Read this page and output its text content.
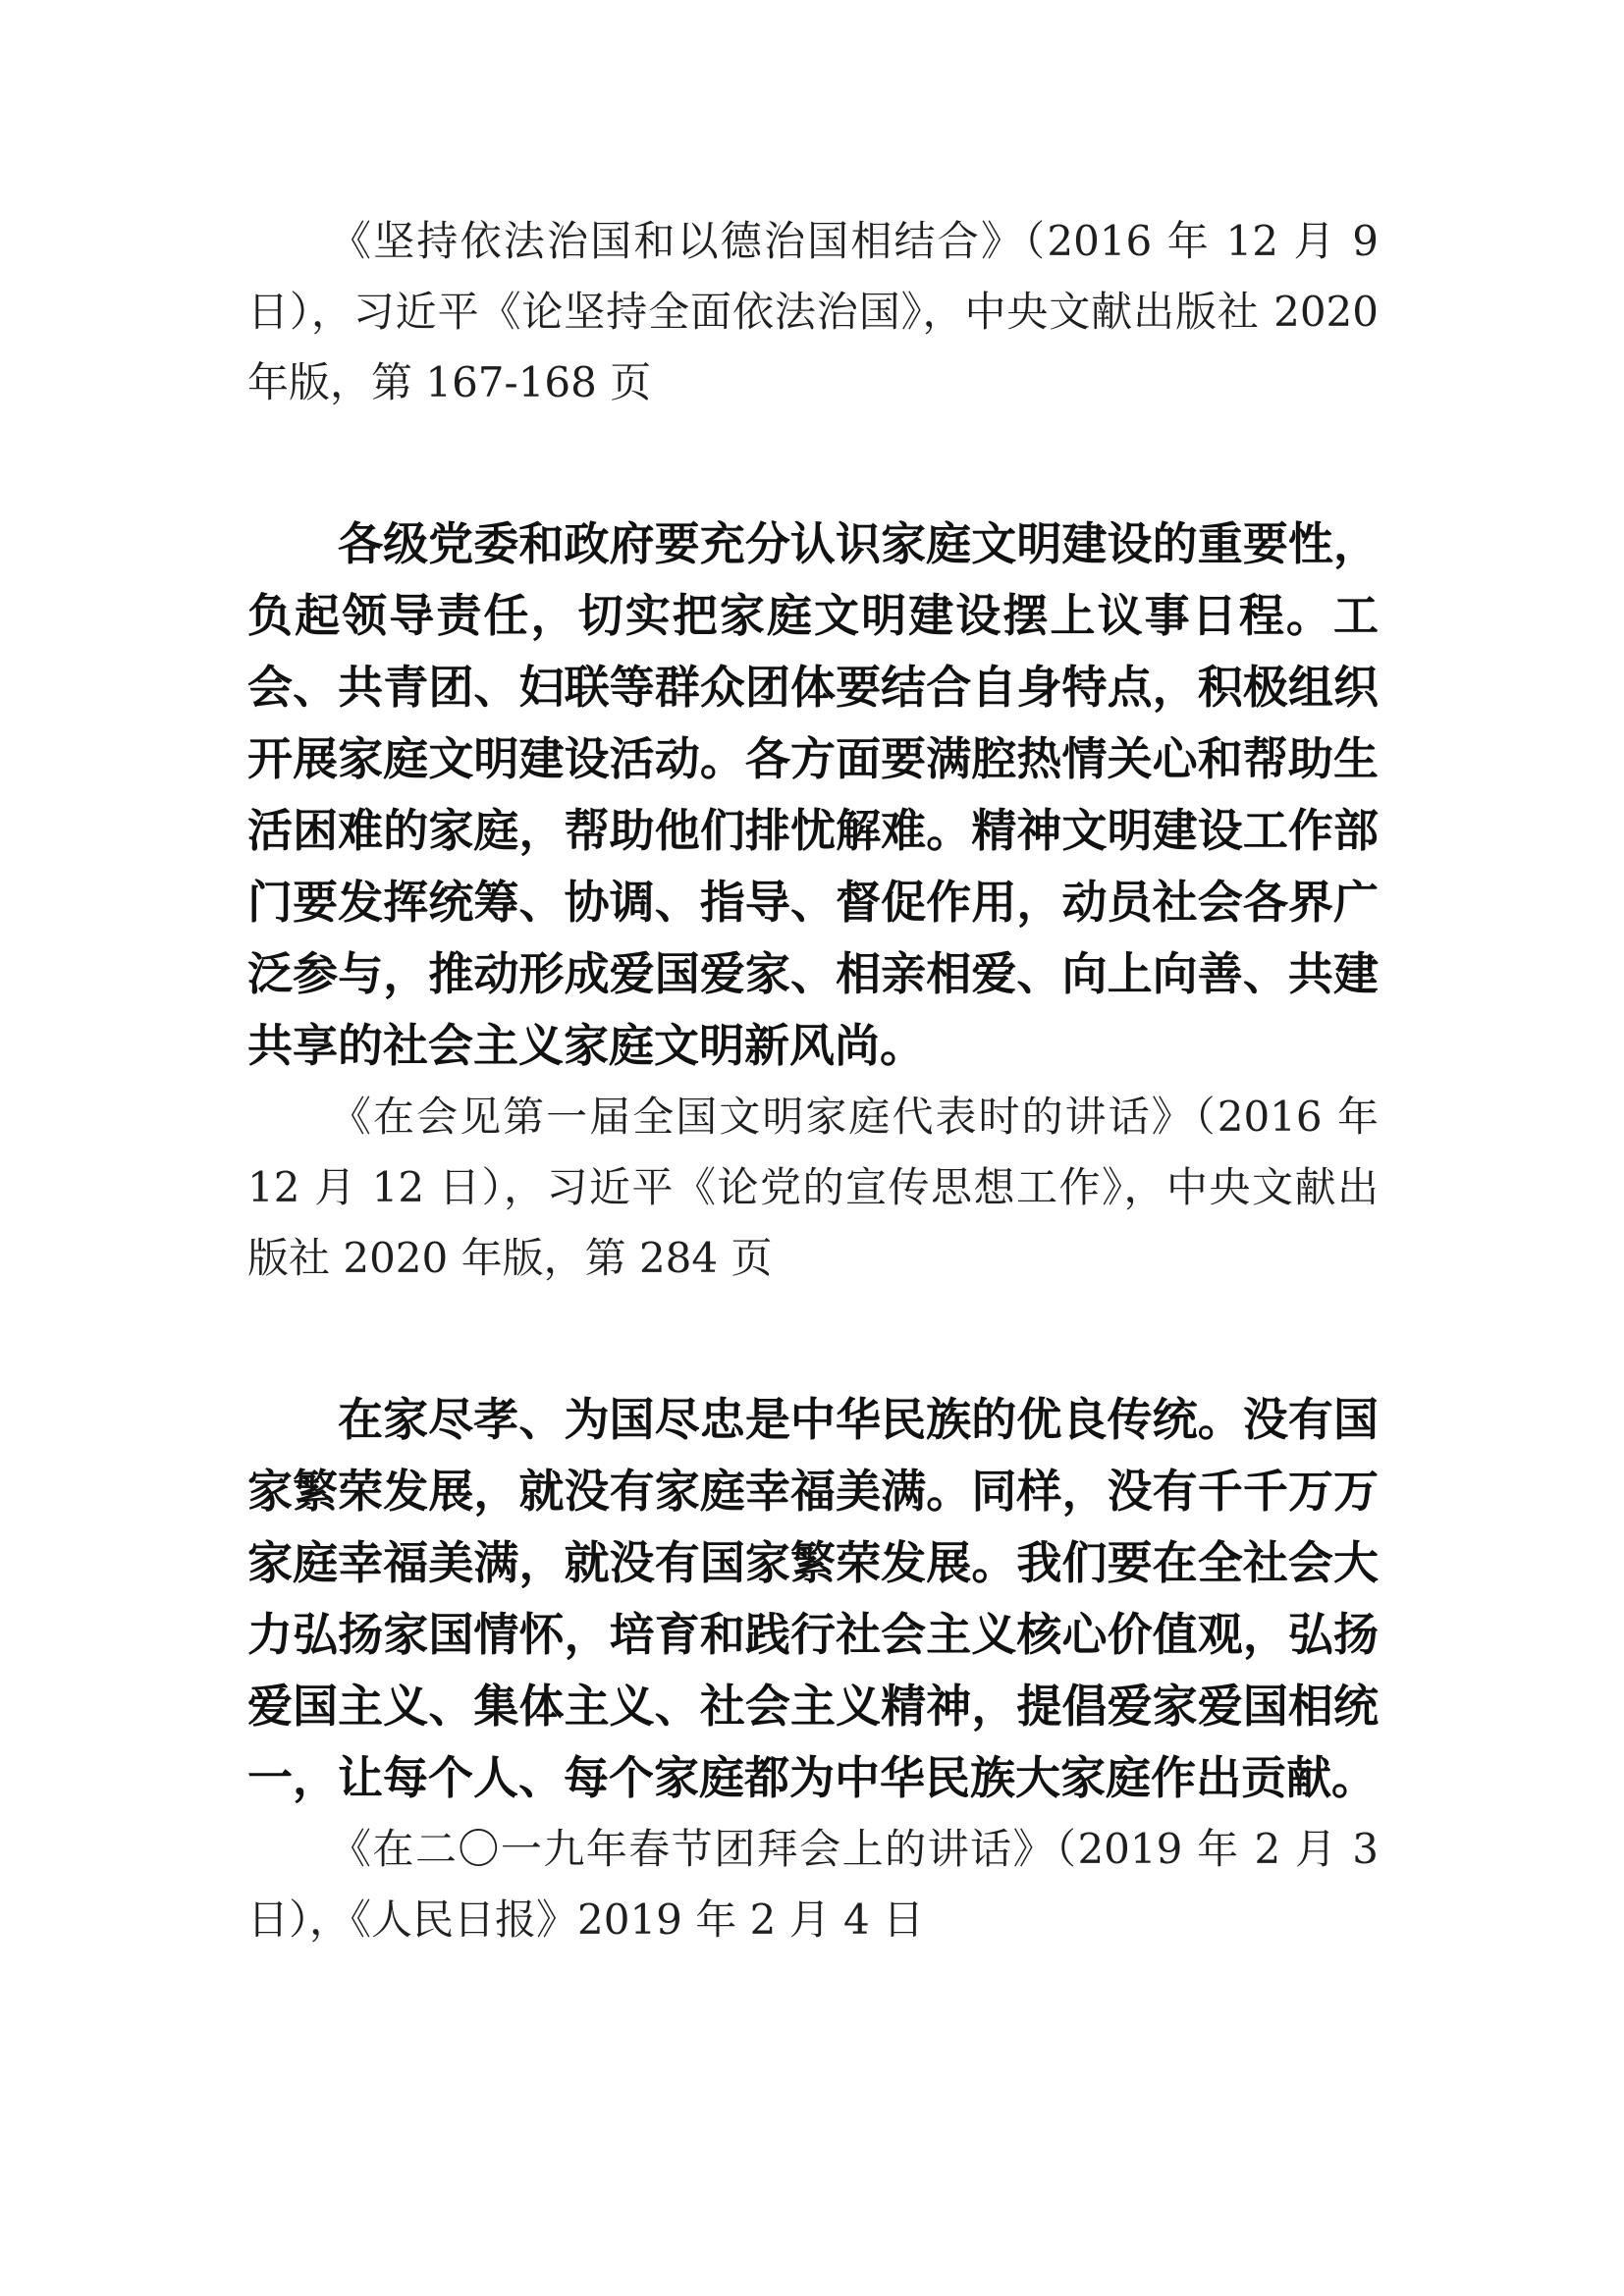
《坚持依法治国和以德治国相结合》（2016 年 12 月 9 日），习近平《论坚持全面依法治国》，中央文献出版社 2020 年版，第 167-168 页

各级党委和政府要充分认识家庭文明建设的重要性，负起领导责任，切实把家庭文明建设摆上议事日程。工会、共青团、妇联等群众团体要结合自身特点，积极组织开展家庭文明建设活动。各方面要满腔热情关心和帮助生活困难的家庭，帮助他们排忧解难。精神文明建设工作部门要发挥统筹、协调、指导、督促作用，动员社会各界广泛参与，推动形成爱国爱家、相亲相爱、向上向善、共建共享的社会主义家庭文明新风尚。

《在会见第一届全国文明家庭代表时的讲话》（2016 年 12 月 12 日），习近平《论党的宣传思想工作》，中央文献出版社 2020 年版，第 284 页

在家尽孝、为国尽忠是中华民族的优良传统。没有国家繁荣发展，就没有家庭幸福美满。同样，没有千千万万家庭幸福美满，就没有国家繁荣发展。我们要在全社会大力弘扬家国情怀，培育和践行社会主义核心价值观，弘扬爱国主义、集体主义、社会主义精神，提倡爱家爱国相统一，让每个人、每个家庭都为中华民族大家庭作出贡献。

《在二〇一九年春节团拜会上的讲话》（2019 年 2 月 3 日），《人民日报》2019 年 2 月 4 日
